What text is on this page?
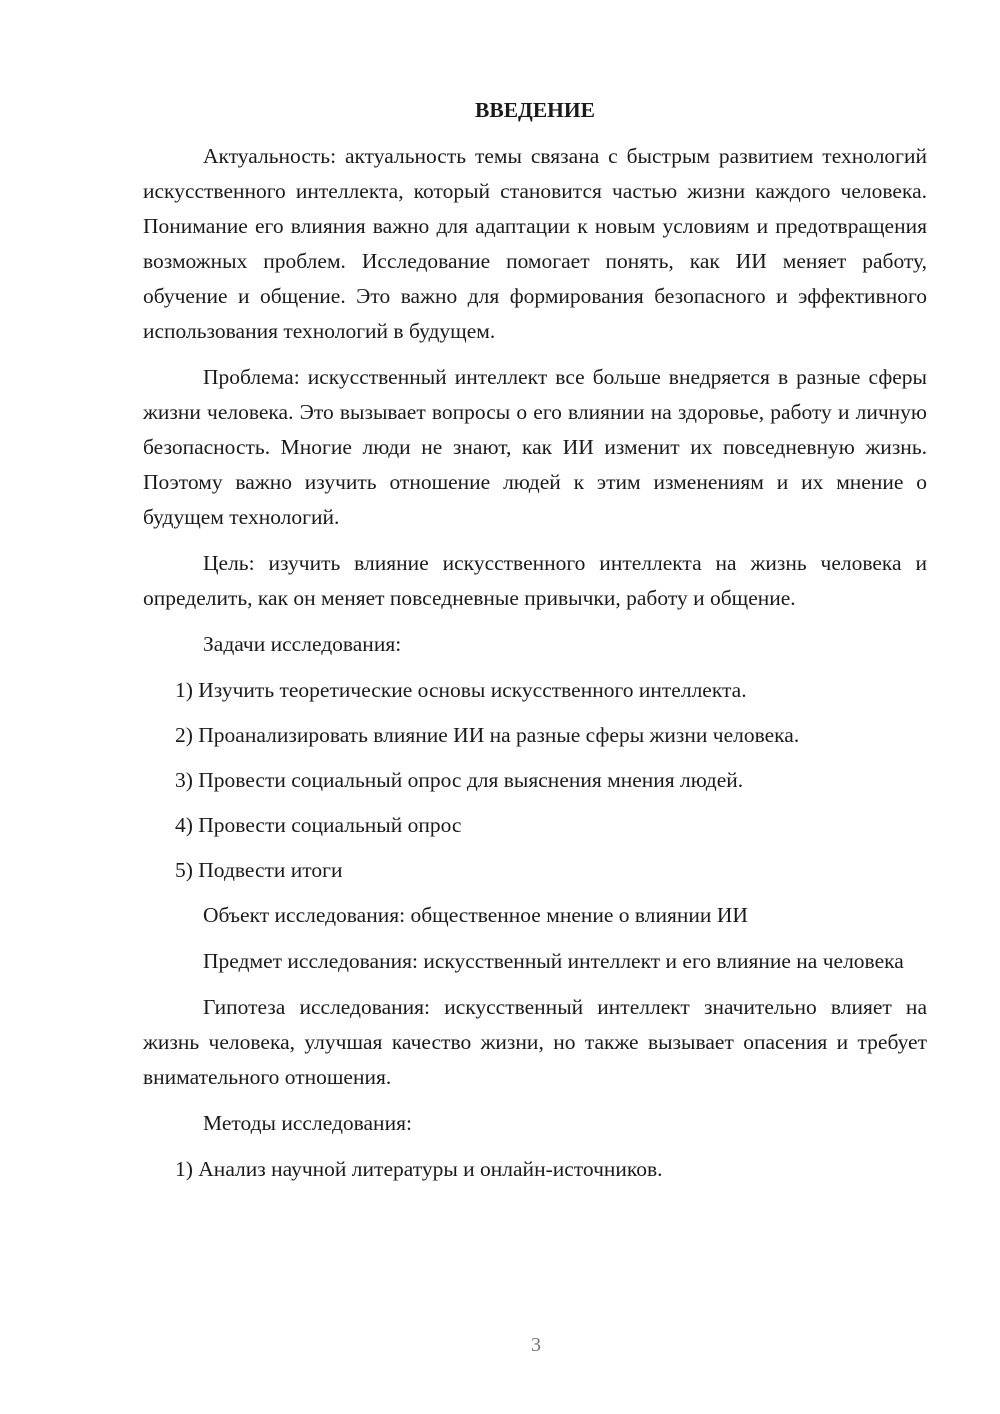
ВВЕДЕНИЕ

Актуальность: актуальность темы связана с быстрым развитием технологий искусственного интеллекта, который становится частью жизни каждого человека. Понимание его влияния важно для адаптации к новым условиям и предотвращения возможных проблем. Исследование помогает понять, как ИИ меняет работу, обучение и общение. Это важно для формирования безопасного и эффективного использования технологий в будущем.

Проблема: искусственный интеллект все больше внедряется в разные сферы жизни человека. Это вызывает вопросы о его влиянии на здоровье, работу и личную безопасность. Многие люди не знают, как ИИ изменит их повседневную жизнь. Поэтому важно изучить отношение людей к этим изменениям и их мнение о будущем технологий.

Цель: изучить влияние искусственного интеллекта на жизнь человека и определить, как он меняет повседневные привычки, работу и общение.

Задачи исследования:

1) Изучить теоретические основы искусственного интеллекта.

2) Проанализировать влияние ИИ на разные сферы жизни человека.

3) Провести социальный опрос для выяснения мнения людей.

4) Провести социальный опрос

5) Подвести итоги

Объект исследования: общественное мнение о влиянии ИИ

Предмет исследования: искусственный интеллект и его влияние на человека

Гипотеза исследования: искусственный интеллект значительно влияет на жизнь человека, улучшая качество жизни, но также вызывает опасения и требует внимательного отношения.

Методы исследования:

1) Анализ научной литературы и онлайн-источников.

3
